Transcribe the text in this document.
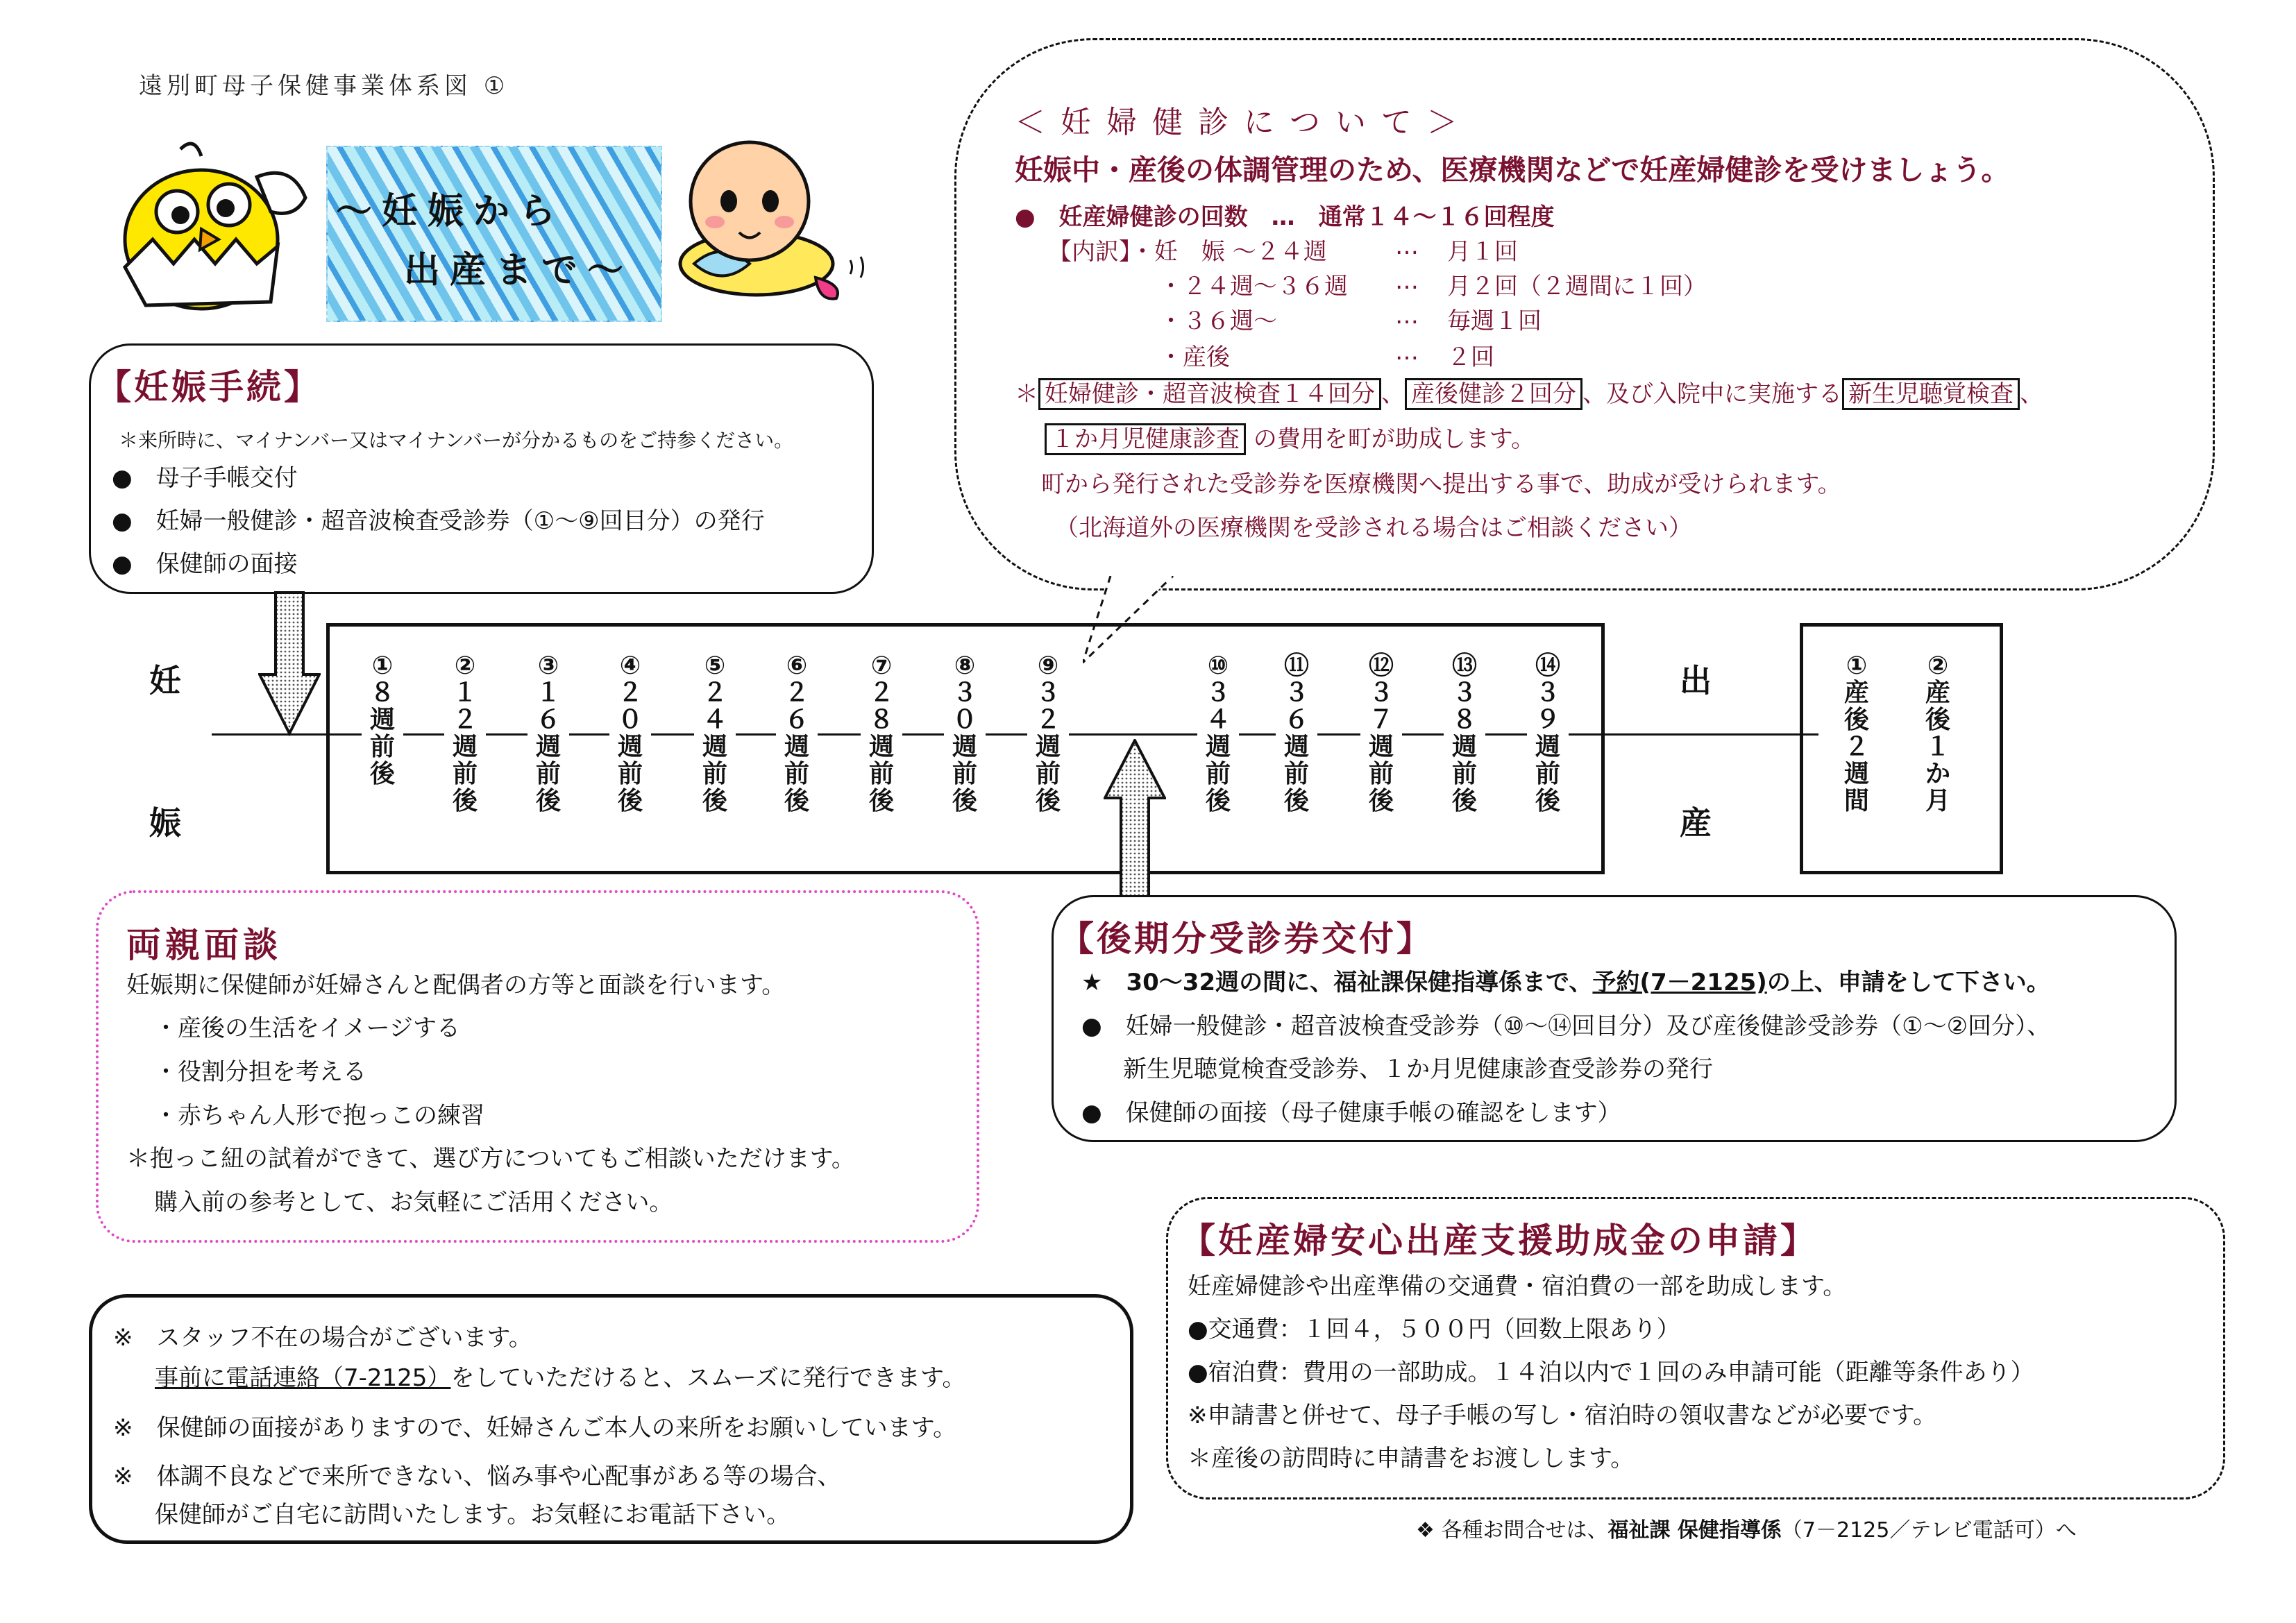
遠別町母子保健事業体系図 ①
～妊娠から
出産まで～
【妊娠手続】
＊来所時に、マイナンバー又はマイナンバーが分かるものをご持参ください。
●　母子手帳交付
●　妊婦一般健診・超音波検査受診券（①～⑨回目分）の発行
●　保健師の面接
＜ 妊 婦 健 診 に つ い て ＞
妊娠中・産後の体調管理のため、医療機関などで妊産婦健診を受けましょう。
●　妊産婦健診の回数　…　通常１４～１６回程度
【内訳】・妊　娠 ～２４週
・２４週～３６週
・３６週～
・産後
…
…
…
…
月１回
月２回（２週間に１回）
毎週１回
２回
＊ 妊婦健診・超音波検査１４回分 、 産後健診２回分 、及び入院中に実施する 新生児聴覚検査 、
１か月児健康診査 の費用を町が助成します。
町から発行された受診券を医療機関へ提出する事で、助成が受けられます。
（北海道外の医療機関を受診される場合はご相談ください）
妊
娠
出
産
①
８
週
前
後
②
１
２
週
前
後
③
１
６
週
前
後
④
２
０
週
前
後
⑤
２
４
週
前
後
⑥
２
６
週
前
後
⑦
２
８
週
前
後
⑧
３
０
週
前
後
⑨
３
２
週
前
後
⑩
３
４
週
前
後
⑪
３
６
週
前
後
⑫
３
７
週
前
後
⑬
３
８
週
前
後
⑭
３
９
週
前
後
①
産
後
２
週
間
②
産
後
１
か
月
両親面談
妊娠期に保健師が妊婦さんと配偶者の方等と面談を行います。
・産後の生活をイメージする
・役割分担を考える
・赤ちゃん人形で抱っこの練習
＊抱っこ紐の試着ができて、選び方についてもご相談いただけます。
購入前の参考として、お気軽にご活用ください。
【後期分受診券交付】
★　30～32週の間に、福祉課保健指導係まで、予約(7－2125)の上、申請をして下さい。
●　妊婦一般健診・超音波検査受診券（⑩～⑭回目分）及び産後健診受診券（①～②回分）、
新生児聴覚検査受診券、１か月児健康診査受診券の発行
●　保健師の面接（母子健康手帳の確認をします）
※　スタッフ不在の場合がございます。
事前に電話連絡（7-2125）をしていただけると、スムーズに発行できます。
※　保健師の面接がありますので、妊婦さんご本人の来所をお願いしています。
※　体調不良などで来所できない、悩み事や心配事がある等の場合、
保健師がご自宅に訪問いたします。お気軽にお電話下さい。
【妊産婦安心出産支援助成金の申請】
妊産婦健診や出産準備の交通費・宿泊費の一部を助成します。
●交通費：１回４，５００円（回数上限あり）
●宿泊費：費用の一部助成。１４泊以内で１回のみ申請可能（距離等条件あり）
※申請書と併せて、母子手帳の写し・宿泊時の領収書などが必要です。
＊産後の訪問時に申請書をお渡しします。
❖ 各種お問合せは、福祉課 保健指導係（7－2125／テレビ電話可）へ
